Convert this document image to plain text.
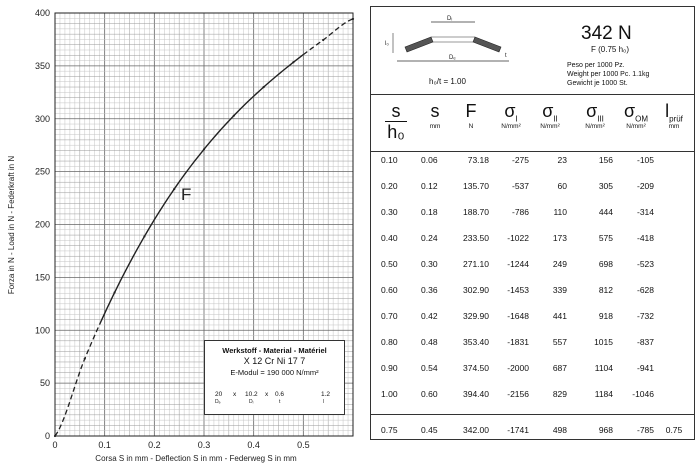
0	0.1	0.2	0.3	0.4	0.5
0
50
100
150
200
250
300
350
400
Corsa S in mm - Deflection S in mm - Federweg S in mm
Forza in N - Load in N - Federkraft in N	F
Werkstoff - Material - Matériel
X 12 Cr Ni 17 7
E-Modul = 190 000 N/mm²
20
Dₑ
x 10.2
Dᵢ
x 0.6
t
1.2
l
Dᵢ
Dₑ
l₀
t
342 N
F (0.75 h₀)
Peso per 1000 Pz.
Weight per 1000 Pc. 1.1kg
Gewicht je 1000 St.
h₀/t = 1.00
s
h₀
s
mm
F
N
$\sigma_I$
N/mm²
$\sigma_{II}$
N/mm²
$\sigma_{III}$
N/mm²
$\sigma_{OM}$
N/mm²
$l_{prüf}$
mm
0.10	0.06	73.18	-275	23	156	-105
0.20	0.12	135.70	-537	60	305	-209
0.30	0.18	188.70	-786	110	444	-314
0.40	0.24	233.50	-1022	173	575	-418
0.50	0.30	271.10	-1244	249	698	-523
0.60	0.36	302.90	-1453	339	812	-628
0.70	0.42	329.90	-1648	441	918	-732
0.80	0.48	353.40	-1831	557	1015	-837
0.90	0.54	374.50	-2000	687	1104	-941
1.00	0.60	394.40	-2156	829	1184	-1046
0.75	0.45	342.00	-1741	498	968	-785	0.75
